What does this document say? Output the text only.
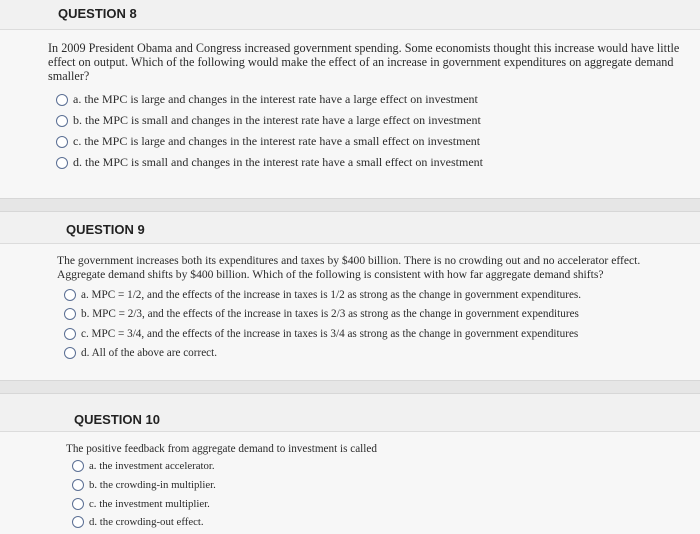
QUESTION 8
In 2009 President Obama and Congress increased government spending. Some economists thought this increase would have little
effect on output. Which of the following would make the effect of an increase in government expenditures on aggregate demand
smaller?
a. the MPC is large and changes in the interest rate have a large effect on investment
b. the MPC is small and changes in the interest rate have a large effect on investment
c. the MPC is large and changes in the interest rate have a small effect on investment
d. the MPC is small and changes in the interest rate have a small effect on investment
QUESTION 9
The government increases both its expenditures and taxes by $400 billion. There is no crowding out and no accelerator effect.
Aggregate demand shifts by $400 billion. Which of the following is consistent with how far aggregate demand shifts?
a. MPC = 1/2, and the effects of the increase in taxes is 1/2 as strong as the change in government expenditures.
b. MPC = 2/3, and the effects of the increase in taxes is 2/3 as strong as the change in government expenditures
c. MPC = 3/4, and the effects of the increase in taxes is 3/4 as strong as the change in government expenditures
d. All of the above are correct.
QUESTION 10
The positive feedback from aggregate demand to investment is called
a. the investment accelerator.
b. the crowding-in multiplier.
c. the investment multiplier.
d. the crowding-out effect.
